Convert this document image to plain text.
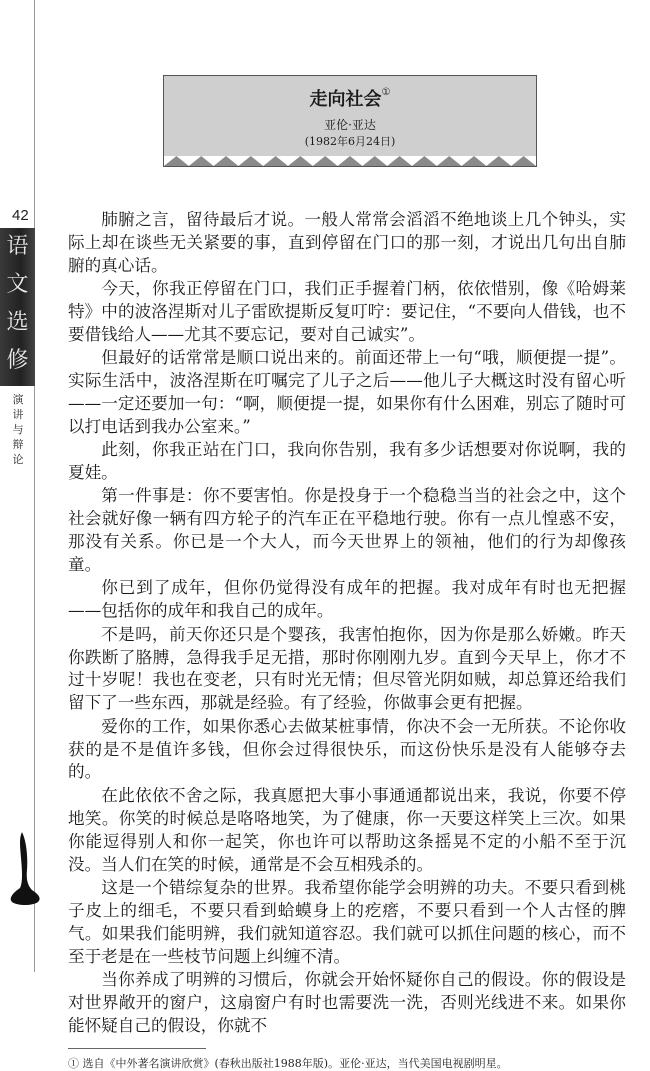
42
语
文
选
修
演
讲
与
辩
论
走向社会①
亚伦·亚达
(1982年6月24日)

肺腑之言，留待最后才说。一般人常常会滔滔不绝地谈上几个钟头，实际上却在谈些无关紧要的事，直到停留在门口的那一刻，才说出几句出自肺腑的真心话。

今天，你我正停留在门口，我们正手握着门柄，依依惜别，像《哈姆莱特》中的波洛涅斯对儿子雷欧提斯反复叮咛：要记住，“不要向人借钱，也不要借钱给人——尤其不要忘记，要对自己诚实”。

但最好的话常常是顺口说出来的。前面还带上一句“哦，顺便提一提”。实际生活中，波洛涅斯在叮嘱完了儿子之后——他儿子大概这时没有留心听——一定还要加一句：“啊，顺便提一提，如果你有什么困难，别忘了随时可以打电话到我办公室来。”

此刻，你我正站在门口，我向你告别，我有多少话想要对你说啊，我的夏娃。

第一件事是：你不要害怕。你是投身于一个稳稳当当的社会之中，这个社会就好像一辆有四方轮子的汽车正在平稳地行驶。你有一点儿惶惑不安，那没有关系。你已是一个大人，而今天世界上的领袖，他们的行为却像孩童。

你已到了成年，但你仍觉得没有成年的把握。我对成年有时也无把握——包括你的成年和我自己的成年。

不是吗，前天你还只是个婴孩，我害怕抱你，因为你是那么娇嫩。昨天你跌断了胳膊，急得我手足无措，那时你刚刚九岁。直到今天早上，你才不过十岁呢！我也在变老，只有时光无情；但尽管光阴如贼，却总算还给我们留下了一些东西，那就是经验。有了经验，你做事会更有把握。

爱你的工作，如果你悉心去做某桩事情，你决不会一无所获。不论你收获的是不是值许多钱，但你会过得很快乐，而这份快乐是没有人能够夺去的。

在此依依不舍之际，我真愿把大事小事通通都说出来，我说，你要不停地笑。你笑的时候总是咯咯地笑，为了健康，你一天要这样笑上三次。如果你能逗得别人和你一起笑，你也许可以帮助这条摇晃不定的小船不至于沉没。当人们在笑的时候，通常是不会互相残杀的。

这是一个错综复杂的世界。我希望你能学会明辨的功夫。不要只看到桃子皮上的细毛，不要只看到蛤蟆身上的疙瘩，不要只看到一个人古怪的脾气。如果我们能明辨，我们就知道容忍。我们就可以抓住问题的核心，而不至于老是在一些枝节问题上纠缠不清。

当你养成了明辨的习惯后，你就会开始怀疑你自己的假设。你的假设是对世界敞开的窗户，这扇窗户有时也需要洗一洗，否则光线进不来。如果你能怀疑自己的假设，你就不

① 选自《中外著名演讲欣赏》(春秋出版社1988年版)。亚伦·亚达，当代美国电视剧明星。
